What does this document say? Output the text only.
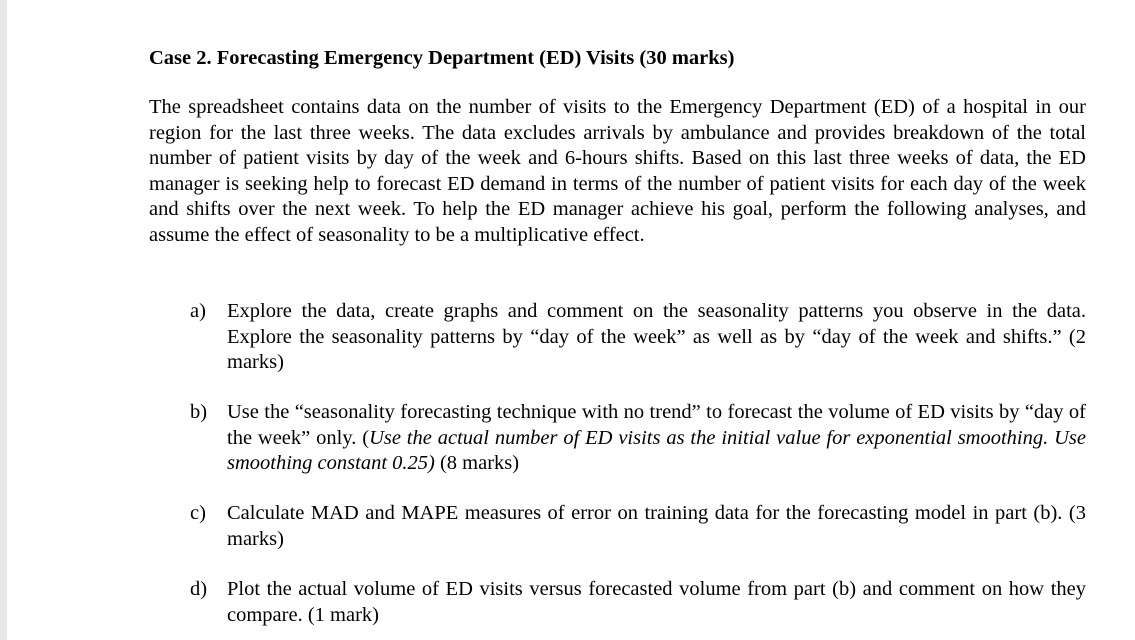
Case 2. Forecasting Emergency Department (ED) Visits (30 marks)

The spreadsheet contains data on the number of visits to the Emergency Department (ED) of a hospital in our region for the last three weeks. The data excludes arrivals by ambulance and provides breakdown of the total number of patient visits by day of the week and 6-hours shifts. Based on this last three weeks of data, the ED manager is seeking help to forecast ED demand in terms of the number of patient visits for each day of the week and shifts over the next week. To help the ED manager achieve his goal, perform the following analyses, and assume the effect of seasonality to be a multiplicative effect.

a)	Explore the data, create graphs and comment on the seasonality patterns you observe in the data. Explore the seasonality patterns by “day of the week” as well as by “day of the week and shifts.” (2 marks)
b) Use the “seasonality forecasting technique with no trend” to forecast the volume of ED visits by “day of the week” only. (Use the actual number of ED visits as the initial value for exponential smoothing. Use smoothing constant 0.25) (8 marks)
c)	Calculate MAD and MAPE measures of error on training data for the forecasting model in part (b). (3 marks)
d) Plot the actual volume of ED visits versus forecasted volume from part (b) and comment on how they compare. (1 mark)
